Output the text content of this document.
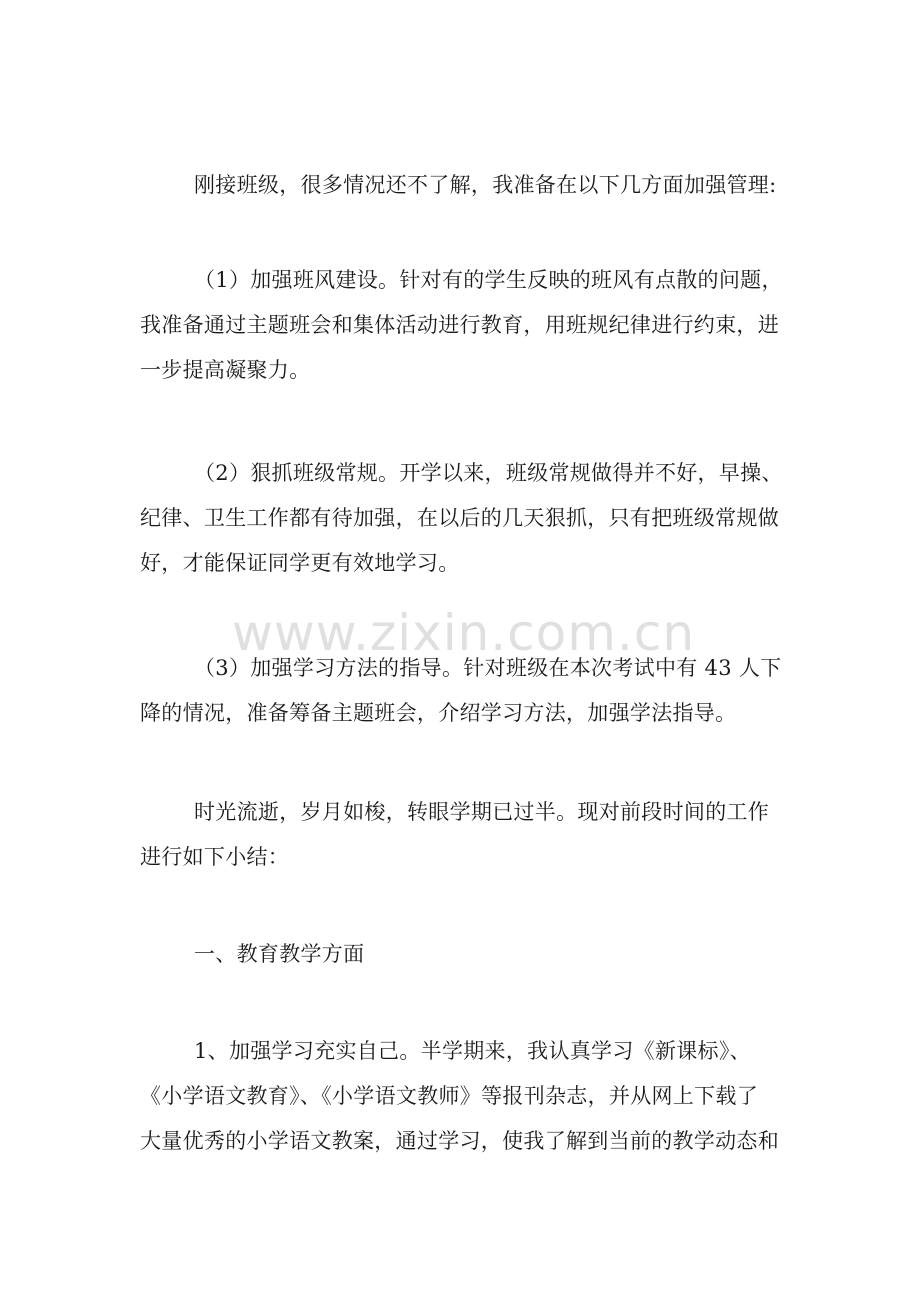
www.zixin.com.cn

刚接班级，很多情况还不了解，我准备在以下几方面加强管理:

（1）加强班风建设。针对有的学生反映的班风有点散的问题，
我准备通过主题班会和集体活动进行教育，用班规纪律进行约束，进
一步提高凝聚力。

（2）狠抓班级常规。开学以来，班级常规做得并不好，早操、
纪律、卫生工作都有待加强，在以后的几天狠抓，只有把班级常规做
好，才能保证同学更有效地学习。

（3）加强学习方法的指导。针对班级在本次考试中有 43 人下
降的情况，准备筹备主题班会，介绍学习方法，加强学法指导。

时光流逝，岁月如梭，转眼学期已过半。现对前段时间的工作
进行如下小结：

一、教育教学方面

1、加强学习充实自己。半学期来，我认真学习《新课标》、
《小学语文教育》、《小学语文教师》等报刊杂志，并从网上下载了
大量优秀的小学语文教案，通过学习，使我了解到当前的教学动态和
